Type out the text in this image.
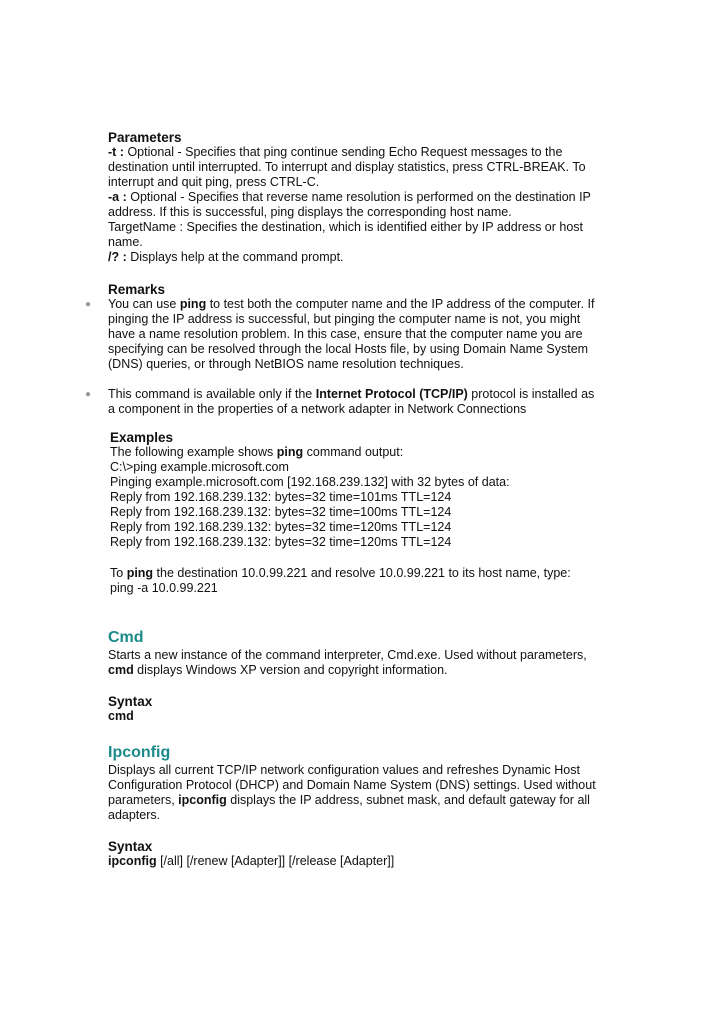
Parameters
-t : Optional - Specifies that ping continue sending Echo Request messages to the
destination until interrupted. To interrupt and display statistics, press CTRL-BREAK. To
interrupt and quit ping, press CTRL-C.
-a : Optional - Specifies that reverse name resolution is performed on the destination IP
address. If this is successful, ping displays the corresponding host name.
TargetName : Specifies the destination, which is identified either by IP address or host
name.
/? : Displays help at the command prompt.
Remarks
● You can use ping to test both the computer name and the IP address of the computer. If
pinging the IP address is successful, but pinging the computer name is not, you might
have a name resolution problem. In this case, ensure that the computer name you are
specifying can be resolved through the local Hosts file, by using Domain Name System
(DNS) queries, or through NetBIOS name resolution techniques.
● This command is available only if the Internet Protocol (TCP/IP) protocol is installed as
a component in the properties of a network adapter in Network Connections
Examples
The following example shows ping command output:
C:\>ping example.microsoft.com
Pinging example.microsoft.com [192.168.239.132] with 32 bytes of data:
Reply from 192.168.239.132: bytes=32 time=101ms TTL=124
Reply from 192.168.239.132: bytes=32 time=100ms TTL=124
Reply from 192.168.239.132: bytes=32 time=120ms TTL=124
Reply from 192.168.239.132: bytes=32 time=120ms TTL=124
To ping the destination 10.0.99.221 and resolve 10.0.99.221 to its host name, type:
ping -a 10.0.99.221
Cmd
Starts a new instance of the command interpreter, Cmd.exe. Used without parameters,
cmd displays Windows XP version and copyright information.
Syntax
cmd
Ipconfig
Displays all current TCP/IP network configuration values and refreshes Dynamic Host
Configuration Protocol (DHCP) and Domain Name System (DNS) settings. Used without
parameters, ipconfig displays the IP address, subnet mask, and default gateway for all
adapters.
Syntax
ipconfig [/all] [/renew [Adapter]] [/release [Adapter]]
